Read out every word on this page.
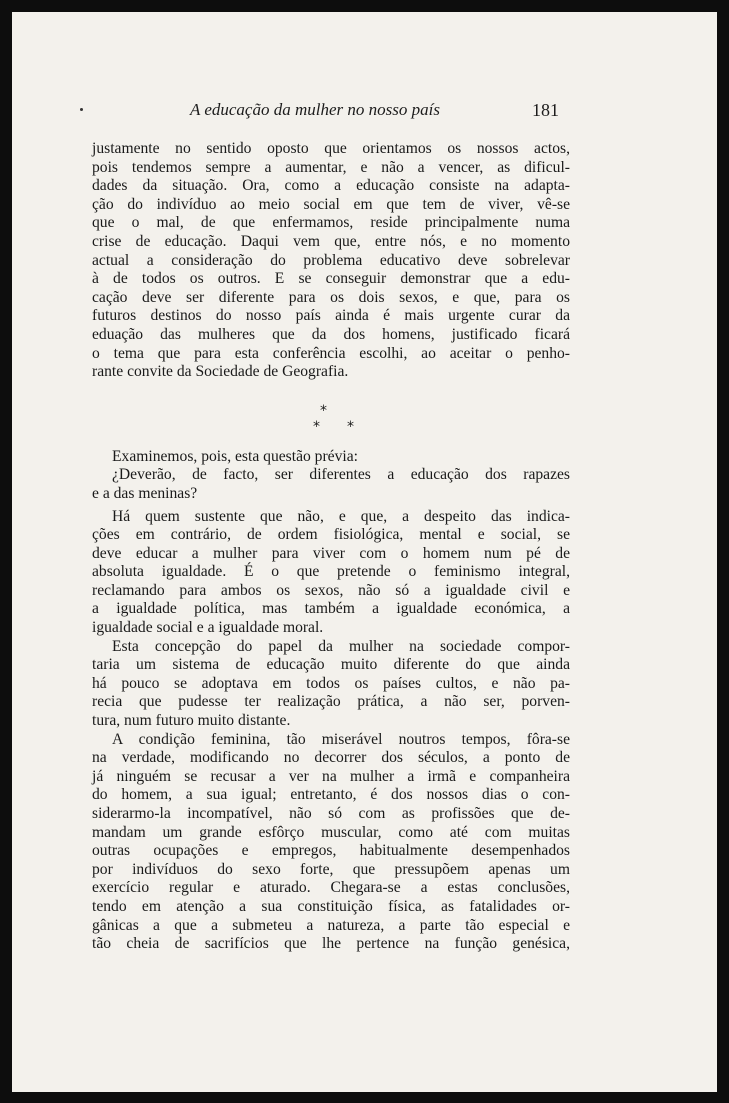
A educação da mulher no nosso país	181
justamente no sentido oposto que orientamos os nossos actos,
pois tendemos sempre a aumentar, e não a vencer, as dificul-
dades da situação. Ora, como a educação consiste na adapta-
ção do indivíduo ao meio social em que tem de viver, vê-se
que o mal, de que enfermamos, reside principalmente numa
crise de educação. Daqui vem que, entre nós, e no momento
actual a consideração do problema educativo deve sobrelevar
à de todos os outros. E se conseguir demonstrar que a edu-
cação deve ser diferente para os dois sexos, e que, para os
futuros destinos do nosso país ainda é mais urgente curar da
eduação das mulheres que da dos homens, justificado ficará
o tema que para esta conferência escolhi, ao aceitar o penho-
rante convite da Sociedade de Geografia.
*
* *
Examinemos, pois, esta questão prévia:
¿Deverão, de facto, ser diferentes a educação dos rapazes
e a das meninas?
Há quem sustente que não, e que, a despeito das indica-
ções em contrário, de ordem fisiológica, mental e social, se
deve educar a mulher para viver com o homem num pé de
absoluta igualdade. É o que pretende o feminismo integral,
reclamando para ambos os sexos, não só a igualdade civil e
a igualdade política, mas também a igualdade económica, a
igualdade social e a igualdade moral.
Esta concepção do papel da mulher na sociedade compor-
taria um sistema de educação muito diferente do que ainda
há pouco se adoptava em todos os países cultos, e não pa-
recia que pudesse ter realização prática, a não ser, porven-
tura, num futuro muito distante.
A condição feminina, tão miserável noutros tempos, fôra-se
na verdade, modificando no decorrer dos séculos, a ponto de
já ninguém se recusar a ver na mulher a irmã e companheira
do homem, a sua igual; entretanto, é dos nossos dias o con-
siderarmo-la incompatível, não só com as profissões que de-
mandam um grande esfôrço muscular, como até com muitas
outras ocupações e empregos, habitualmente desempenhados
por indivíduos do sexo forte, que pressupõem apenas um
exercício regular e aturado. Chegara-se a estas conclusões,
tendo em atenção a sua constituição física, as fatalidades or-
gânicas a que a submeteu a natureza, a parte tão especial e
tão cheia de sacrifícios que lhe pertence na função genésica,
